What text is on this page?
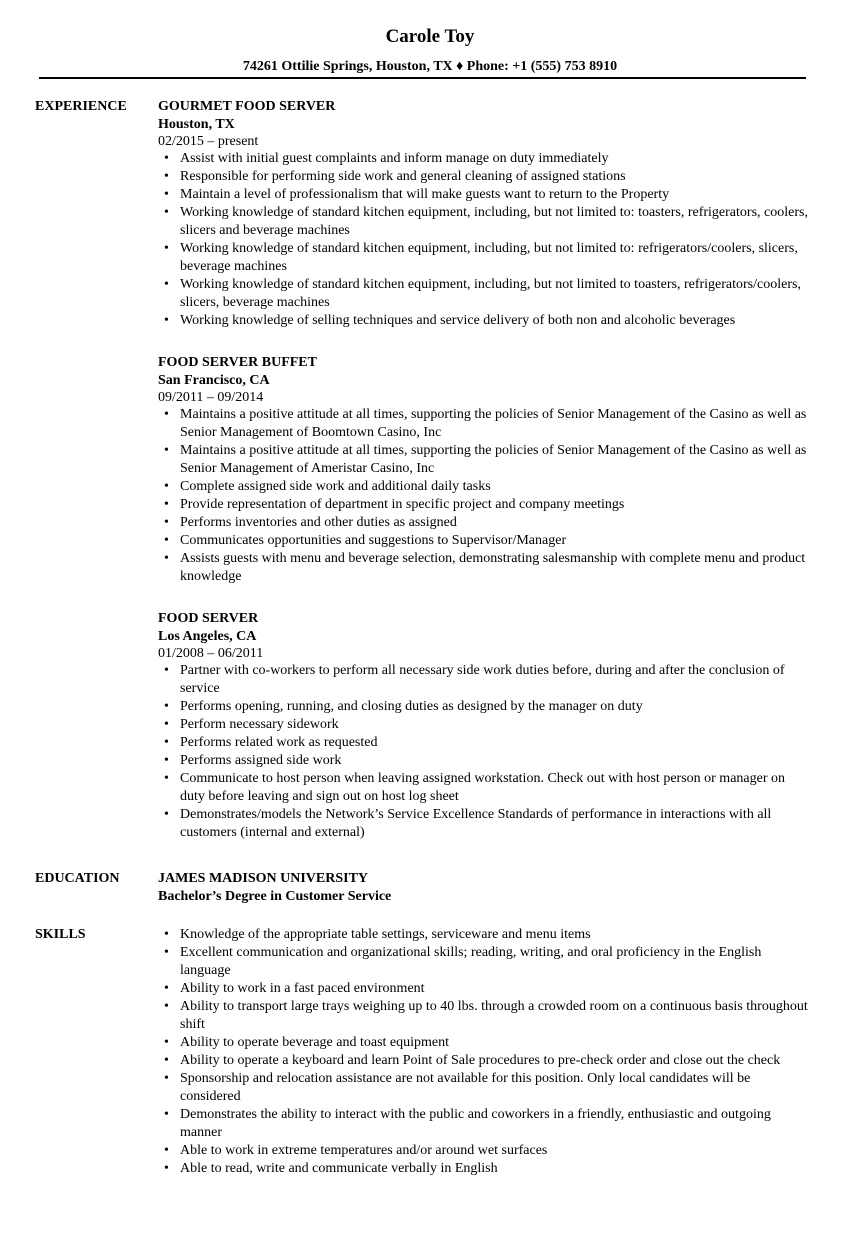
Carole Toy
74261 Ottilie Springs, Houston, TX ♦ Phone: +1 (555) 753 8910
EXPERIENCE GOURMET FOOD SERVER

Houston, TX

02/2015 – present

• Assist with initial guest complaints and inform manage on duty immediately
• Responsible for performing side work and general cleaning of assigned stations
• Maintain a level of professionalism that will make guests want to return to the Property
• Working knowledge of standard kitchen equipment, including, but not limited to: toasters, refrigerators, coolers, slicers and beverage machines
• Working knowledge of standard kitchen equipment, including, but not limited to: refrigerators/coolers, slicers, beverage machines
• Working knowledge of standard kitchen equipment, including, but not limited to toasters, refrigerators/coolers, slicers, beverage machines
• Working knowledge of selling techniques and service delivery of both non and alcoholic beverages

FOOD SERVER BUFFET

San Francisco, CA

09/2011 – 09/2014

• Maintains a positive attitude at all times, supporting the policies of Senior Management of the Casino as well as Senior Management of Boomtown Casino, Inc
• Maintains a positive attitude at all times, supporting the policies of Senior Management of the Casino as well as Senior Management of Ameristar Casino, Inc
• Complete assigned side work and additional daily tasks
• Provide representation of department in specific project and company meetings
• Performs inventories and other duties as assigned
• Communicates opportunities and suggestions to Supervisor/Manager
• Assists guests with menu and beverage selection, demonstrating salesmanship with complete menu and product knowledge

FOOD SERVER

Los Angeles, CA

01/2008 – 06/2011

• Partner with co-workers to perform all necessary side work duties before, during and after the conclusion of service
• Performs opening, running, and closing duties as designed by the manager on duty
• Perform necessary sidework
• Performs related work as requested
• Performs assigned side work
• Communicate to host person when leaving assigned workstation. Check out with host person or manager on duty before leaving and sign out on host log sheet
• Demonstrates/models the Network’s Service Excellence Standards of performance in interactions with all customers (internal and external)
EDUCATION	JAMES MADISON UNIVERSITY

Bachelor’s Degree in Customer Service

SKILLS
•	Knowledge of the appropriate table settings, serviceware and menu items
• Excellent communication and organizational skills; reading, writing, and oral proficiency in the English language
• Ability to work in a fast paced environment
• Ability to transport large trays weighing up to 40 lbs. through a crowded room on a continuous basis throughout shift
• Ability to operate beverage and toast equipment
• Ability to operate a keyboard and learn Point of Sale procedures to pre-check order and close out the check
• Sponsorship and relocation assistance are not available for this position. Only local candidates will be considered
• Demonstrates the ability to interact with the public and coworkers in a friendly, enthusiastic and outgoing manner
• Able to work in extreme temperatures and/or around wet surfaces
• Able to read, write and communicate verbally in English
